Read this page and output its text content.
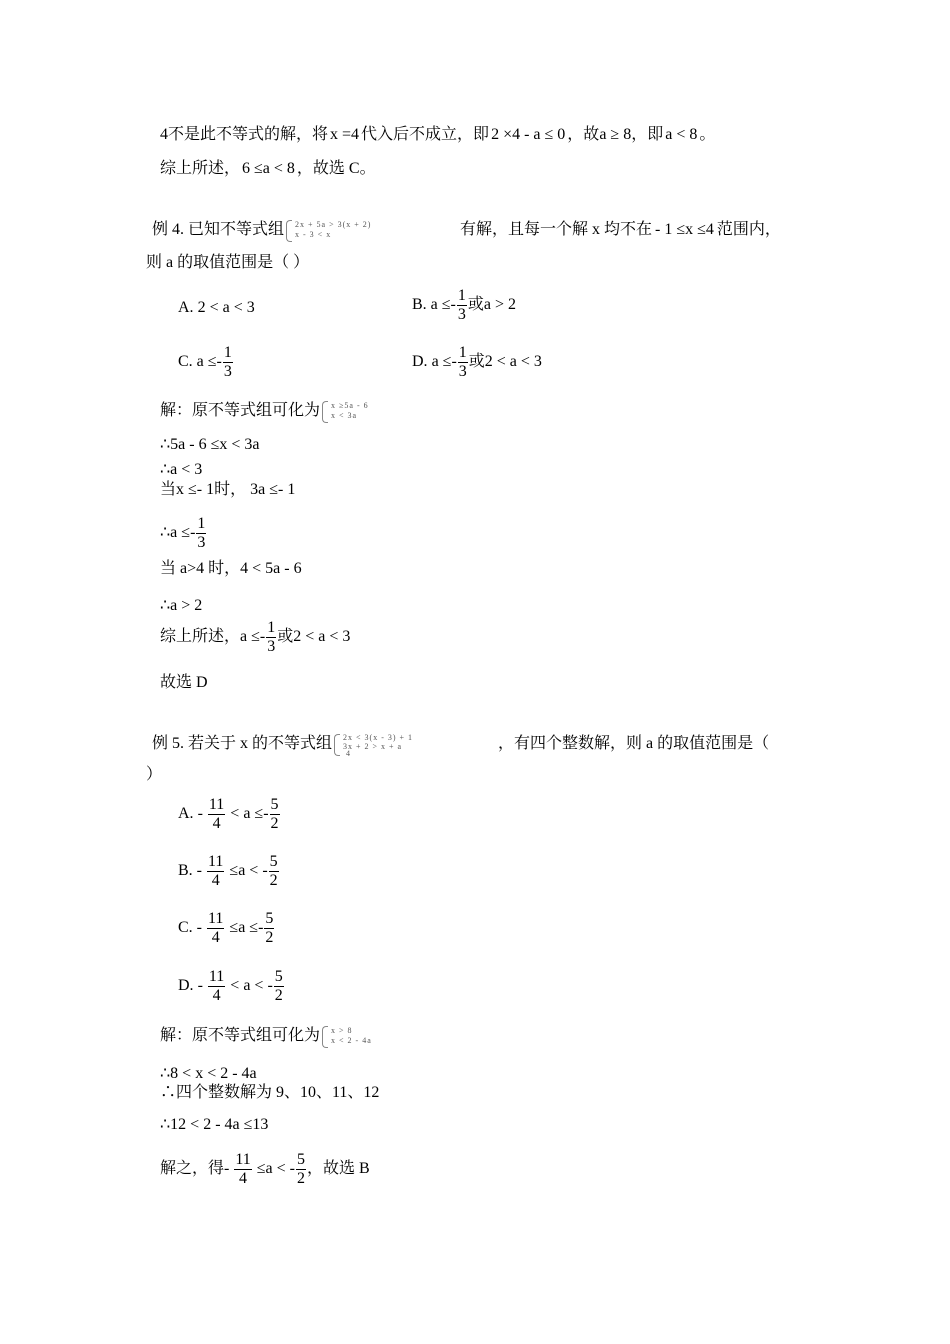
4不是此不等式的解，将 x =4 代入后不成立，即 2 ×4 - a ≤ 0 ，故a ≥ 8，即 a < 8 。
综上所述， 6 ≤a < 8 ，故选 C。
例 4. 已知不等式组 2x + 5a > 3(x + 2)
x - 3 < x	有解，且每一个解 x 均不在 - 1 ≤x ≤4 范围内，
则 a 的取值范围是（ ）
A. 2 < a < 3	B. $a \le- \frac{1}{3}$ 或a > 2
C. $a \le- \frac{1}{3}$	D. $a \le- \frac{1}{3}$ 或2 < a < 3
解：原不等式组可化为 x ≥5a - 6
x < 3a
∴5a - 6 ≤x < 3a
∴a < 3
当x ≤- 1时， 3a ≤- 1
∴a ≤- $\frac{1}{3}$
当 a>4 时，4 < 5a - 6
∴a > 2
综上所述，$a \le- \frac{1}{3}$ 或2 < a < 3
故选 D
例 5. 若关于 x 的不等式组 2x < 3(x - 3) + 1
3x + 2 > x + a
4
，有四个整数解，则 a 的取值范围是（
）
A. - $\frac{11}{4} < a \le- \frac{5}{2}$
B. - $\frac{11}{4} \le a$ < - $\frac{5}{2}$
C. - $\frac{11}{4} \le a \le- \frac{5}{2}$
D. - $\frac{11}{4} < a$ < - $\frac{5}{2}$
解：原不等式组可化为 x > 8
x < 2 - 4a
∴8 < x < 2 - 4a
∴四个整数解为 9、10、11、12
∴12 < 2 - 4a ≤13
解之，得- $\frac{11}{4} \le a$ < - $\frac{5}{2}$ ，故选 B
